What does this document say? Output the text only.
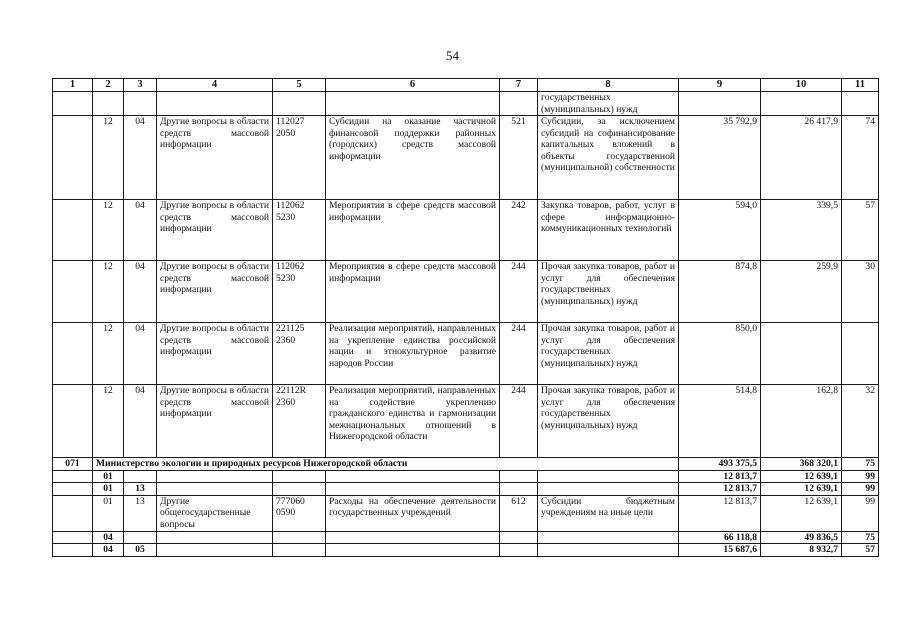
54
1	2	3	4	5	6	7	8	9	10	11
							государственных (муниципальных) нужд			
	12	04	Другие вопросы в области средств массовой информации	112027 2050	Субсидии на оказание частичной финансовой поддержки районных (городских) средств массовой информации	521	Субсидии, за исключением субсидий на софинансирование капитальных вложений в объекты государственной (муниципальной) собственности	35 792,9	26 417,9	74
	12	04	Другие вопросы в области средств массовой информации	112062 5230	Мероприятия в сфере средств массовой информации	242	Закупка товаров, работ, услуг в сфере информационно-коммуникационных технологий	594,0	339,5	57
	12	04	Другие вопросы в области средств массовой информации	112062 5230	Мероприятия в сфере средств массовой информации	244	Прочая закупка товаров, работ и услуг для обеспечения государственных (муниципальных) нужд	874,8	259,9	30
	12	04	Другие вопросы в области средств массовой информации	221125 2360	Реализация мероприятий, направленных на укрепление единства российской нации и этнокультурное развитие народов России	244	Прочая закупка товаров, работ и услуг для обеспечения государственных (муниципальных) нужд	850,0		
	12	04	Другие вопросы в области средств массовой информации	22112R 2360	Реализация мероприятий, направленных на содействие укреплению гражданского единства и гармонизации межнациональных отношений в Нижегородской области	244	Прочая закупка товаров, работ и услуг для обеспечения государственных (муниципальных) нужд	514,8	162,8	32
071	Министерство экологии и природных ресурсов Нижегородской области							493 375,5	368 320,1	75
	01							12 813,7	12 639,1	99
	01	13						12 813,7	12 639,1	99
	01	13	Другие общегосударственные вопросы	777060 0590	Расходы на обеспечение деятельности государственных учреждений	612	Субсидии бюджетным учреждениям на иные цели	12 813,7	12 639,1	99
	04							66 118,8	49 836,5	75
	04	05						15 687,6	8 932,7	57
